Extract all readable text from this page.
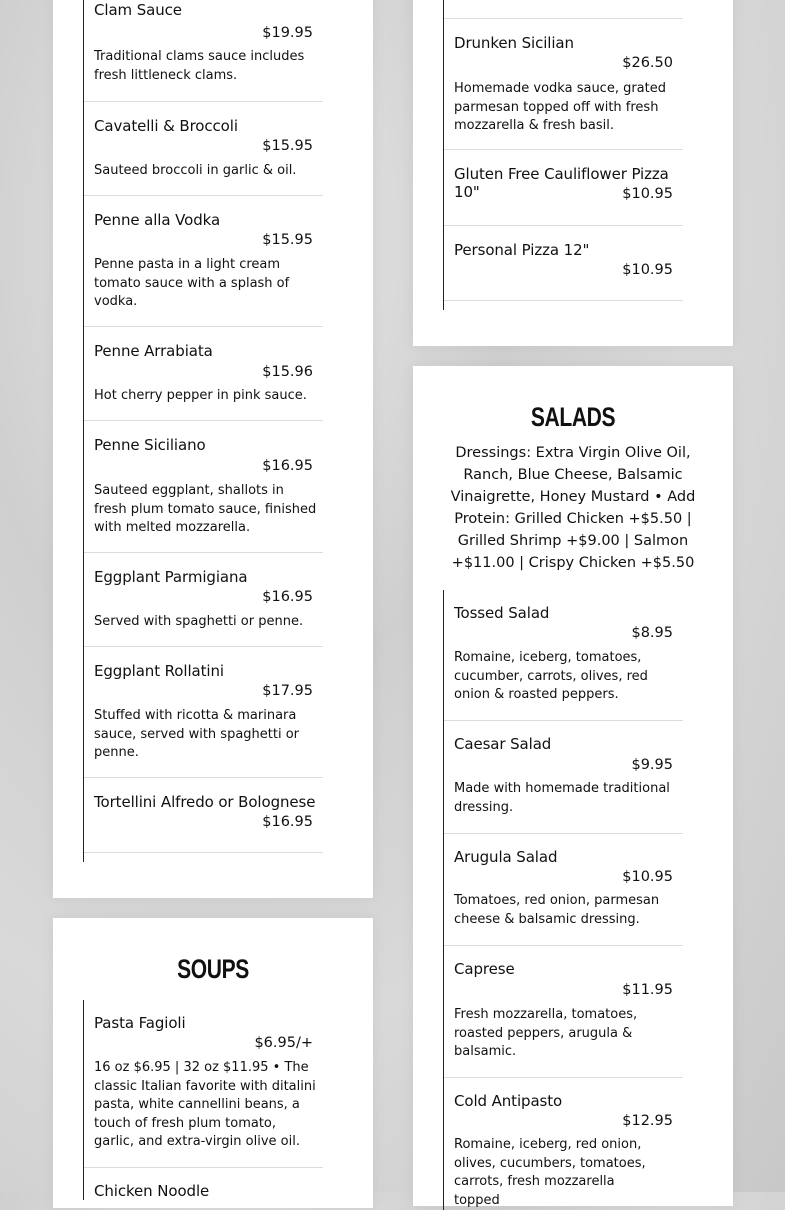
Clam Sauce
$19.95
Traditional clams sauce includes fresh littleneck clams.
Cavatelli & Broccoli
$15.95
Sauteed broccoli in garlic & oil.
Penne alla Vodka
$15.95
Penne pasta in a light cream tomato sauce with a splash of vodka.
Penne Arrabiata
$15.96
Hot cherry pepper in pink sauce.
Penne Siciliano
$16.95
Sauteed eggplant, shallots in fresh plum tomato sauce, finished with melted mozzarella.
Eggplant Parmigiana
$16.95
Served with spaghetti or penne.
Eggplant Rollatini
$17.95
Stuffed with ricotta & marinara sauce, served with spaghetti or penne.
Tortellini Alfredo or Bolognese
$16.95
SOUPS
Pasta Fagioli
$6.95/+
16 oz $6.95 | 32 oz $11.95 • The classic Italian favorite with ditalini pasta, white cannellini beans, a touch of fresh plum tomato, garlic, and extra-virgin olive oil.
Chicken Noodle
Drunken Sicilian
$26.50
Homemade vodka sauce, grated parmesan topped off with fresh mozzarella & fresh basil.
Gluten Free Cauliflower Pizza 10"	$10.95
Personal Pizza 12"
$10.95
SALADS
Dressings: Extra Virgin Olive Oil, Ranch, Blue Cheese, Balsamic Vinaigrette, Honey Mustard • Add Protein: Grilled Chicken +$5.50 | Grilled Shrimp +$9.00 | Salmon +$11.00 | Crispy Chicken +$5.50
Tossed Salad
$8.95
Romaine, iceberg, tomatoes, cucumber, carrots, olives, red onion & roasted peppers.
Caesar Salad
$9.95
Made with homemade traditional dressing.
Arugula Salad
$10.95
Tomatoes, red onion, parmesan cheese & balsamic dressing.
Caprese
$11.95
Fresh mozzarella, tomatoes, roasted peppers, arugula & balsamic.
Cold Antipasto
$12.95
Romaine, iceberg, red onion, olives, cucumbers, tomatoes, carrots, fresh mozzarella topped
